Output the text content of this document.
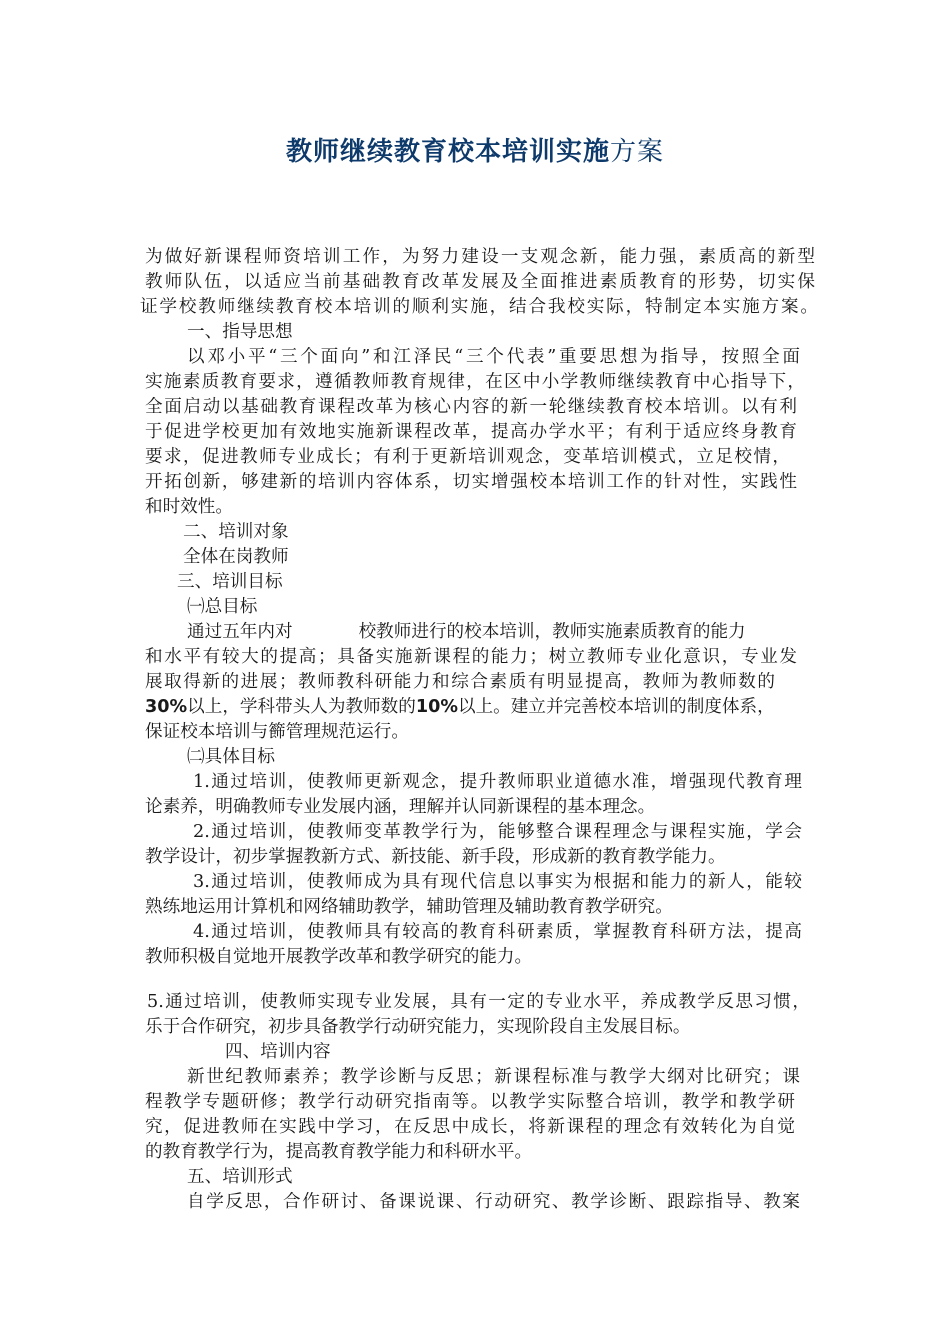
教师继续教育校本培训实施方案
为做好新课程师资培训工作，为努力建设一支观念新，能力强，素质高的新型
教师队伍，以适应当前基础教育改革发展及全面推进素质教育的形势，切实保
证学校教师继续教育校本培训的顺利实施，结合我校实际，特制定本实施方案。
一、指导思想
以邓小平“三个面向”和江泽民“三个代表”重要思想为指导，按照全面
实施素质教育要求，遵循教师教育规律，在区中小学教师继续教育中心指导下，
全面启动以基础教育课程改革为核心内容的新一轮继续教育校本培训。以有利
于促进学校更加有效地实施新课程改革，提高办学水平；有利于适应终身教育
要求，促进教师专业成长；有利于更新培训观念，变革培训模式，立足校情，
开拓创新，够建新的培训内容体系，切实增强校本培训工作的针对性，实践性
和时效性。
二、培训对象
全体在岗教师
三、培训目标
㈠总目标
通过五年内对	校教师进行的校本培训，教师实施素质教育的能力
和水平有较大的提高；具备实施新课程的能力；树立教师专业化意识，专业发
展取得新的进展；教师教科研能力和综合素质有明显提高，教师为教师数的
30%以上，学科带头人为教师数的10%以上。建立并完善校本培训的制度体系，
保证校本培训与籂管理规范运行。
㈡具体目标
1.通过培训，使教师更新观念，提升教师职业道德水准，增强现代教育理
论素养，明确教师专业发展内涵，理解并认同新课程的基本理念。
2.通过培训，使教师变革教学行为，能够整合课程理念与课程实施，学会
教学设计，初步掌握教新方式、新技能、新手段，形成新的教育教学能力。
3.通过培训，使教师成为具有现代信息以事实为根据和能力的新人，能较
熟练地运用计算机和网络辅助教学，辅助管理及辅助教育教学研究。
4.通过培训，使教师具有较高的教育科研素质，掌握教育科研方法，提高
教师积极自觉地开展教学改革和教学研究的能力。
5.通过培训，使教师实现专业发展，具有一定的专业水平，养成教学反思习惯，
乐于合作研究，初步具备教学行动研究能力，实现阶段自主发展目标。
四、培训内容
新世纪教师素养；教学诊断与反思；新课程标准与教学大纲对比研究；课
程教学专题研修；教学行动研究指南等。以教学实际整合培训，教学和教学研
究，促进教师在实践中学习，在反思中成长，将新课程的理念有效转化为自觉
的教育教学行为，提高教育教学能力和科研水平。
五、培训形式
自学反思，合作研讨、备课说课、行动研究、教学诊断、跟踪指导、教案
